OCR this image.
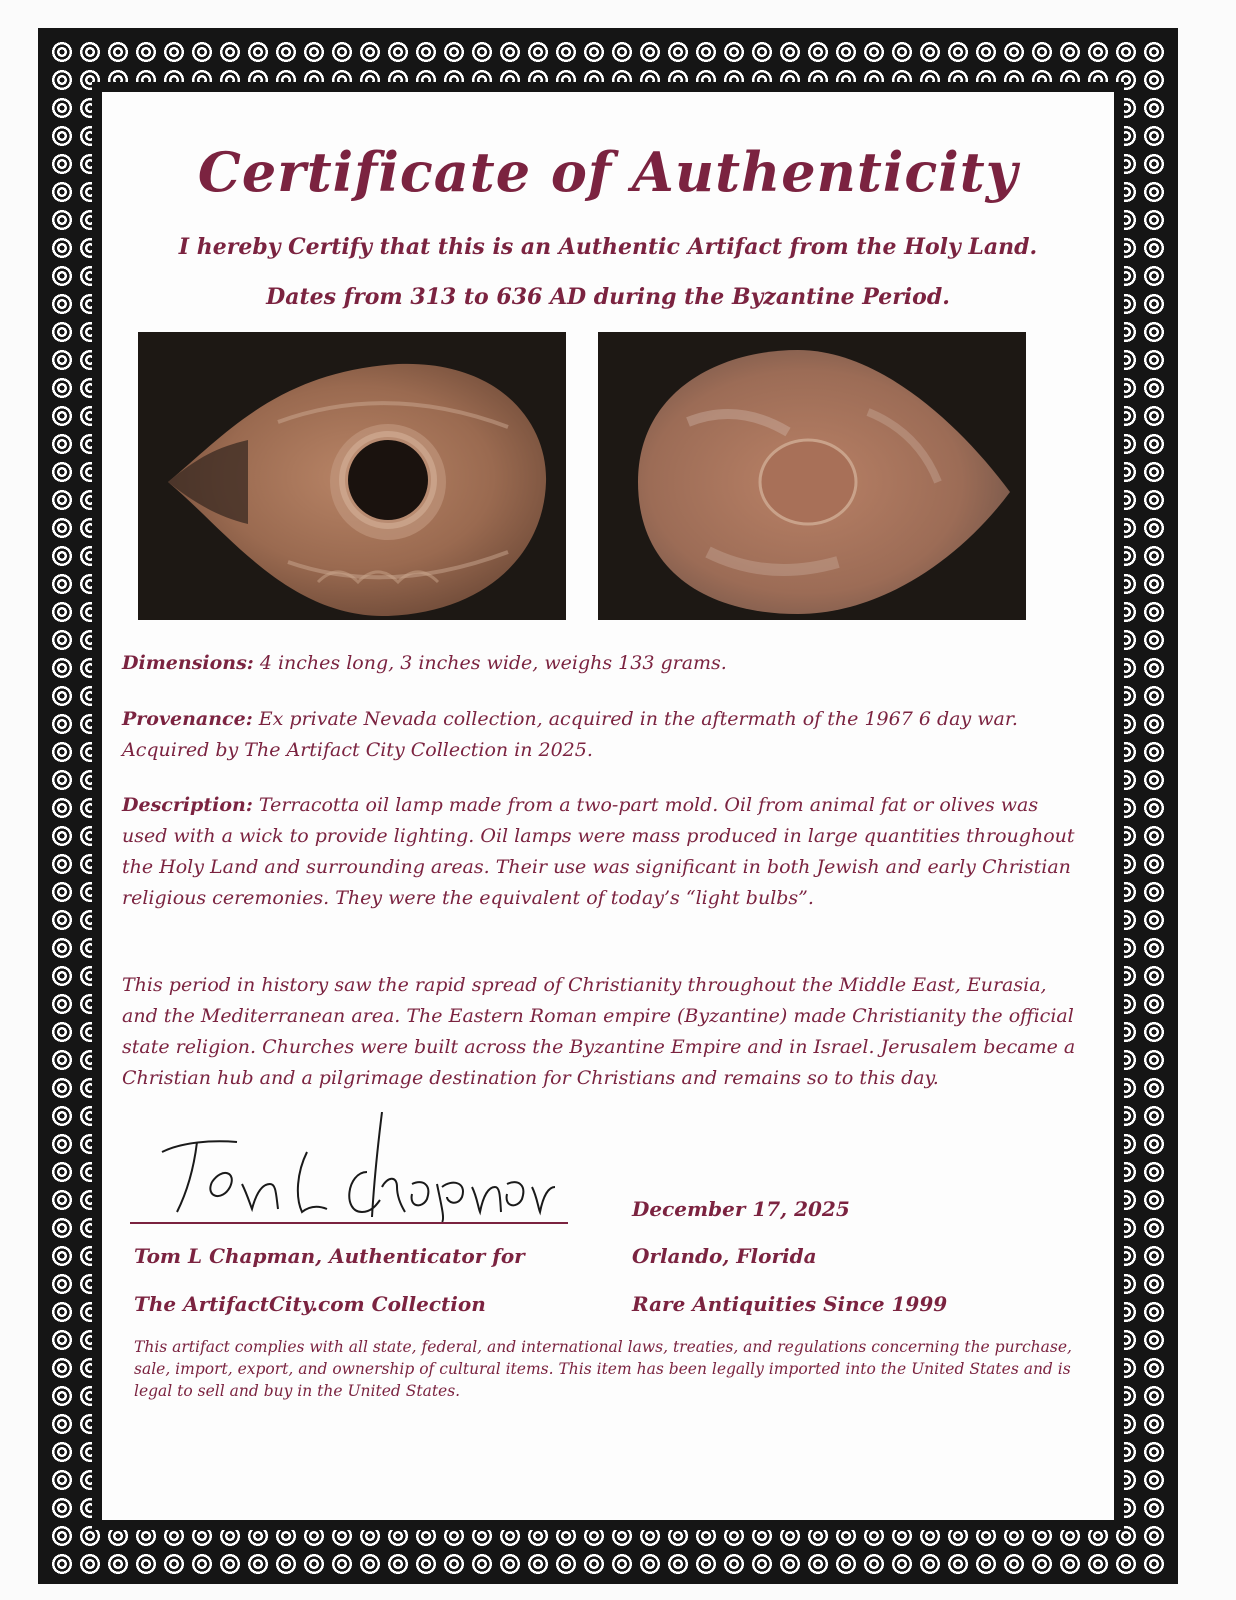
Certificate of Authenticity
I hereby Certify that this is an Authentic Artifact from the Holy Land.
Dates from 313 to 636 AD during the Byzantine Period.
Dimensions: 4 inches long, 3 inches wide, weighs 133 grams.
Provenance: Ex private Nevada collection, acquired in the aftermath of the 1967 6 day war. Acquired by The Artifact City Collection in 2025.
Description: Terracotta oil lamp made from a two-part mold. Oil from animal fat or olives was used with a wick to provide lighting. Oil lamps were mass produced in large quantities throughout the Holy Land and surrounding areas. Their use was significant in both Jewish and early Christian religious ceremonies. They were the equivalent of today’s “light bulbs”.
This period in history saw the rapid spread of Christianity throughout the Middle East, Eurasia, and the Mediterranean area. The Eastern Roman empire (Byzantine) made Christianity the official state religion. Churches were built across the Byzantine Empire and in Israel. Jerusalem became a Christian hub and a pilgrimage destination for Christians and remains so to this day.
Tom L Chapman, Authenticator for
The ArtifactCity.com Collection
December 17, 2025
Orlando, Florida
Rare Antiquities Since 1999
This artifact complies with all state, federal, and international laws, treaties, and regulations concerning the purchase, sale, import, export, and ownership of cultural items. This item has been legally imported into the United States and is legal to sell and buy in the United States.
